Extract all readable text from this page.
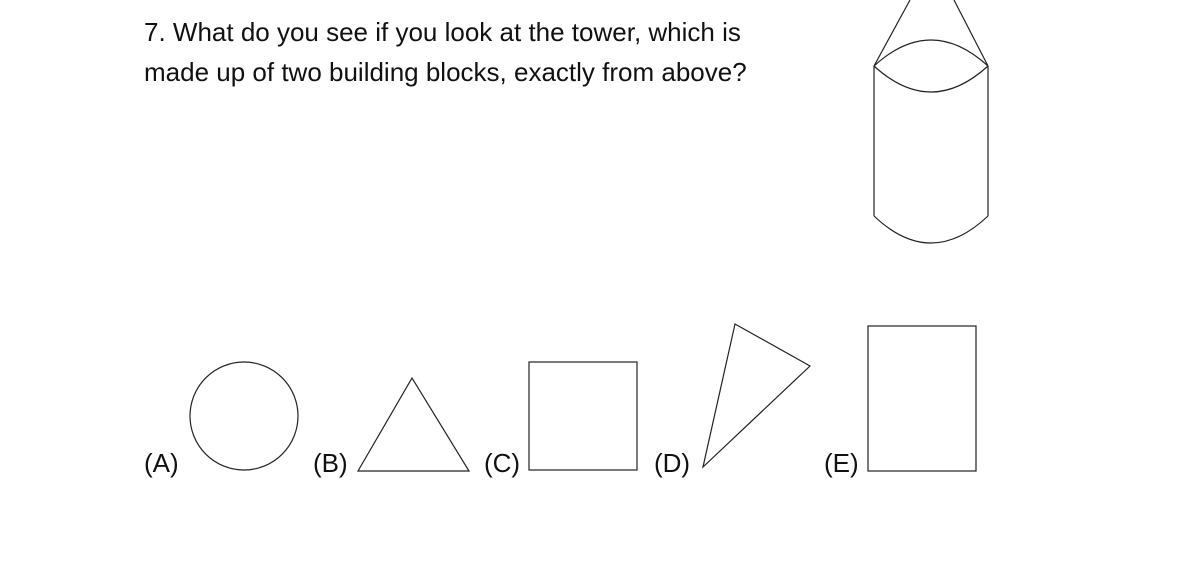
7. What do you see if you look at the tower, which is
made up of two building blocks, exactly from above?
(A)	(B)	(C)	(D)	(E)
